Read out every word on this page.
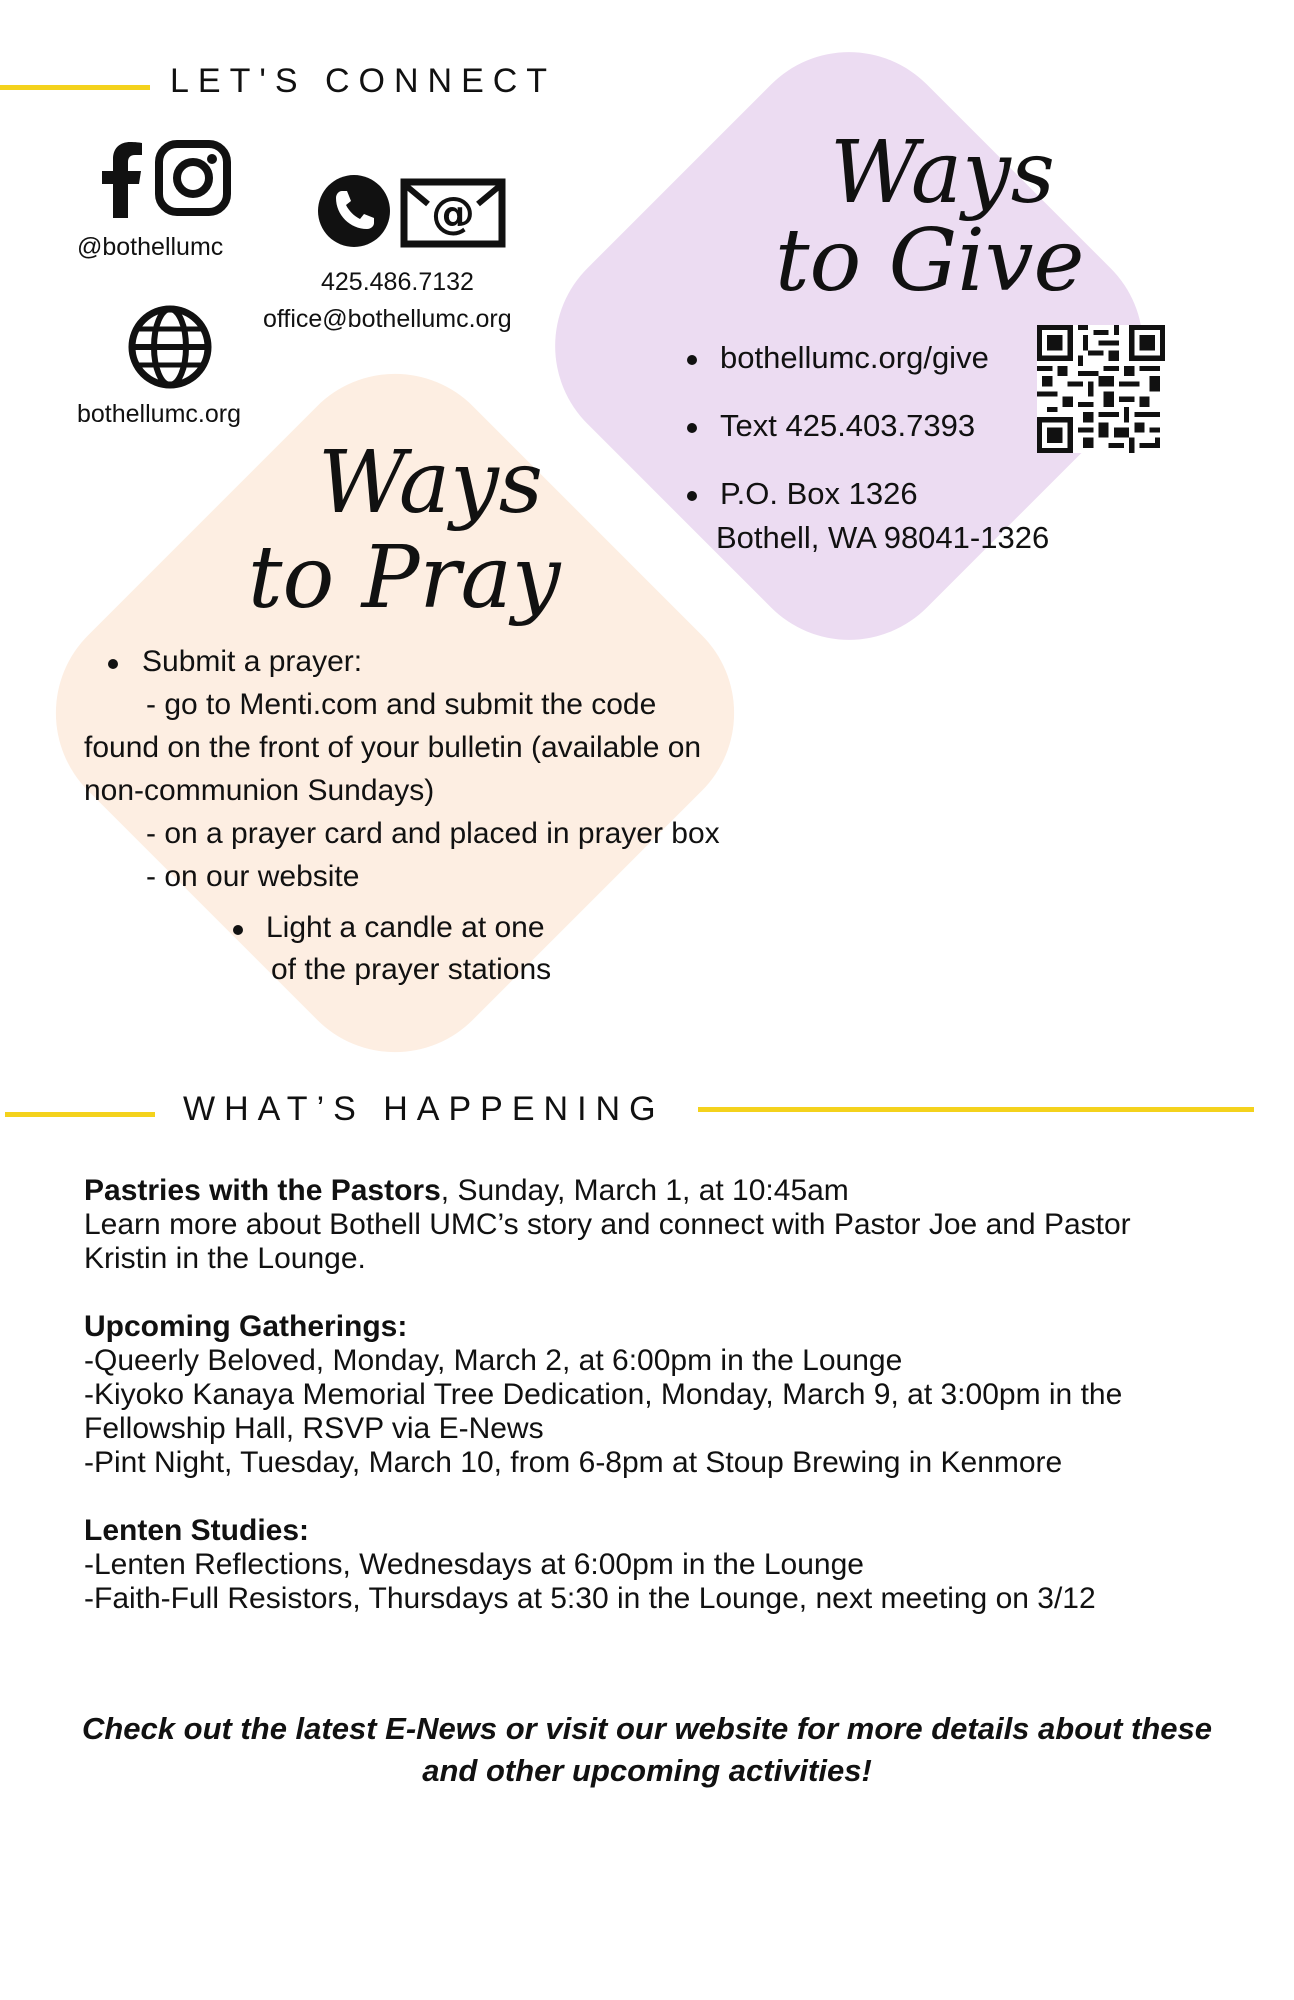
LET'S CONNECT
@bothellumc
@
425.486.7132
office@bothellumc.org
bothellumc.org
Ways
to Give
bothellumc.org/give
Text 425.403.7393
P.O. Box 1326
Bothell, WA 98041-1326
Ways
to Pray
Submit a prayer:
- go to Menti.com and submit the code
found on the front of your bulletin (available on
non-communion Sundays)
- on a prayer card and placed in prayer box
- on our website
Light a candle at one
of the prayer stations
WHAT’S HAPPENING
Pastries with the Pastors, Sunday, March 1, at 10:45am
Learn more about Bothell UMC’s story and connect with Pastor Joe and Pastor
Kristin in the Lounge.
Upcoming Gatherings:
-Queerly Beloved, Monday, March 2, at 6:00pm in the Lounge
-Kiyoko Kanaya Memorial Tree Dedication, Monday, March 9, at 3:00pm in the
Fellowship Hall, RSVP via E-News
-Pint Night, Tuesday, March 10, from 6-8pm at Stoup Brewing in Kenmore
Lenten Studies:
-Lenten Reflections, Wednesdays at 6:00pm in the Lounge
-Faith-Full Resistors, Thursdays at 5:30 in the Lounge, next meeting on 3/12
Check out the latest E-News or visit our website for more details about these
and other upcoming activities!
